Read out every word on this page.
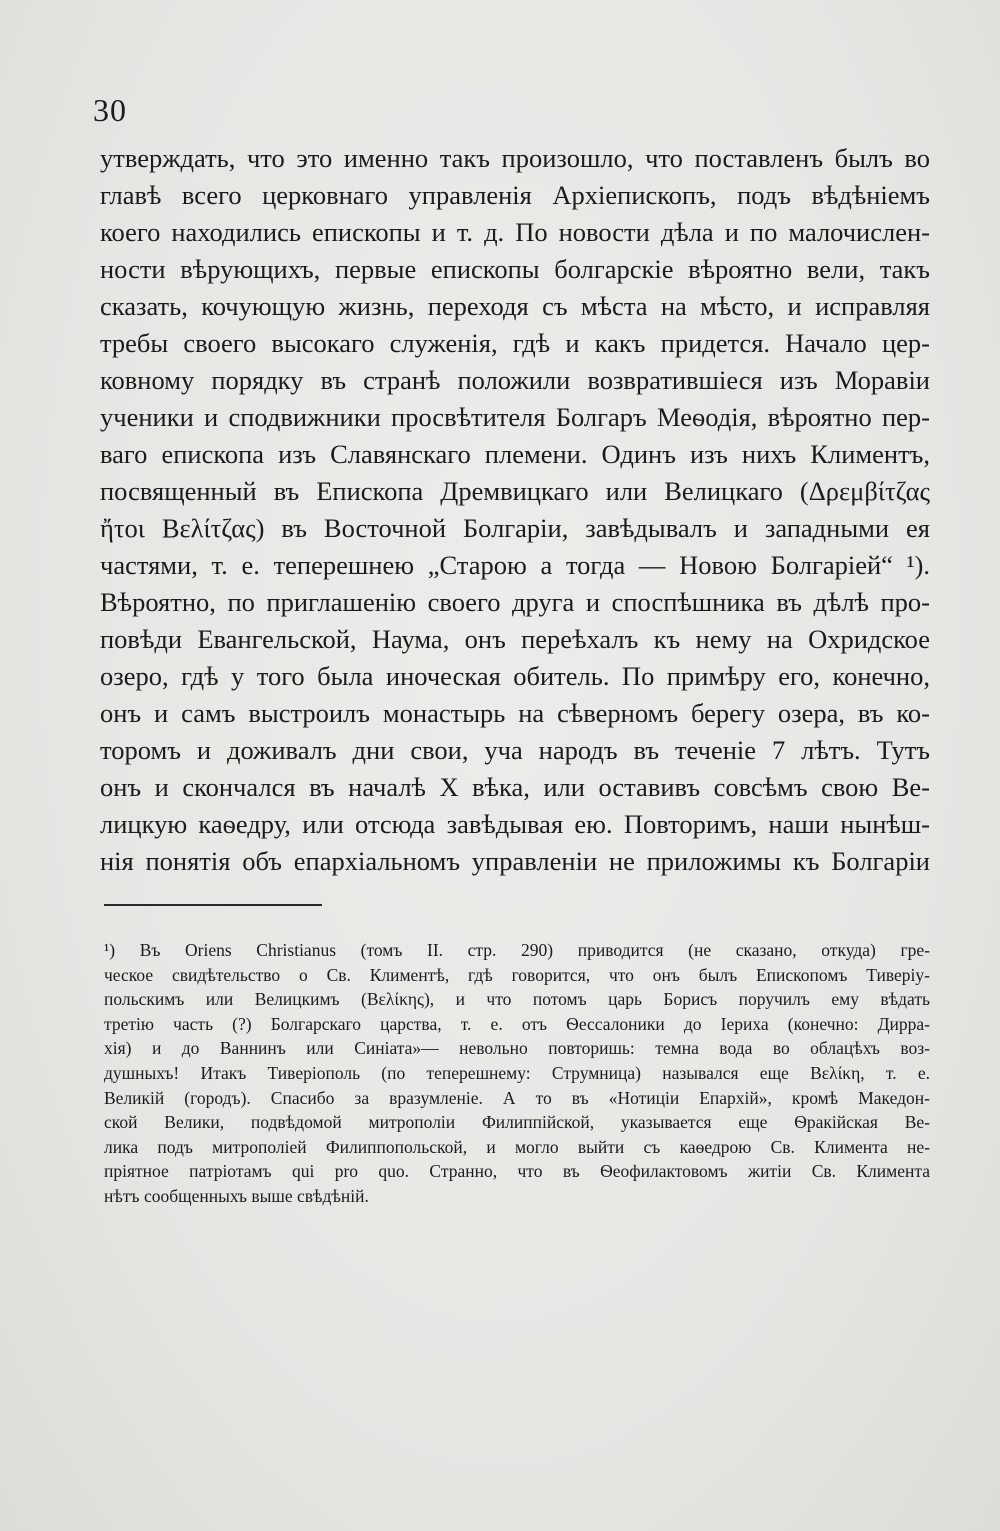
30
утверждать, что это именно такъ произошло, что поставленъ былъ во
главѣ всего церковнаго управленія Архіепископъ, подъ вѣдѣніемъ
коего находились епископы и т. д. По новости дѣла и по малочислен-
ности вѣрующихъ, первые епископы болгарскіе вѣроятно вели, такъ
сказать, кочующую жизнь, переходя съ мѣста на мѣсто, и исправляя
требы своего высокаго служенія, гдѣ и какъ придется. Начало цер-
ковному порядку въ странѣ положили возвратившіеся изъ Моравіи
ученики и сподвижники просвѣтителя Болгаръ Меѳодія, вѣроятно пер-
ваго епископа изъ Славянскаго племени. Одинъ изъ нихъ Климентъ,
посвященный въ Епископа Дремвицкаго или Велицкаго (Δρεμβίτζας
ἤτοι Βελίτζας) въ Восточной Болгаріи, завѣдывалъ и западными ея
частями, т. е. теперешнею „Старою а тогда — Новою Болгаріей“ ¹).
Вѣроятно, по приглашенію своего друга и споспѣшника въ дѣлѣ про-
повѣди Евангельской, Наума, онъ переѣхалъ къ нему на Охридское
озеро, гдѣ у того была иноческая обитель. По примѣру его, конечно,
онъ и самъ выстроилъ монастырь на сѣверномъ берегу озера, въ ко-
торомъ и доживалъ дни свои, уча народъ въ теченіе 7 лѣтъ. Тутъ
онъ и скончался въ началѣ X вѣка, или оставивъ совсѣмъ свою Ве-
лицкую каѳедру, или отсюда завѣдывая ею. Повторимъ, наши нынѣш-
нія понятія объ епархіальномъ управленіи не приложимы къ Болгаріи
¹) Въ Oriens Christianus (томъ II. стр. 290) приводится (не сказано, откуда) гре-
ческое свидѣтельство о Св. Климентѣ, гдѣ говорится, что онъ былъ Епископомъ Тиверіу-
польскимъ или Велицкимъ (Βελίκης), и что потомъ царь Борисъ поручилъ ему вѣдать
третію часть (?) Болгарскаго царства, т. е. отъ Ѳессалоники до Іериха (конечно: Дирра-
хія) и до Ваннинъ или Синіата»— невольно повторишь: темна вода во облацѣхъ воз-
душныхъ! Итакъ Тиверіополь (по теперешнему: Струмница) назывался еще Βελίκη, т. е.
Великій (городъ). Спасибо за вразумленіе. А то въ «Нотиціи Епархій», кромѣ Македон-
ской Велики, подвѣдомой митрополіи Филиппійской, указывается еще Ѳракійская Ве-
лика подъ митрополіей Филиппопольской, и могло выйти съ каѳедрою Св. Климента не-
пріятное патріотамъ qui pro quo. Странно, что въ Ѳеофилактовомъ житіи Св. Климента
нѣтъ сообщенныхъ выше свѣдѣній.
